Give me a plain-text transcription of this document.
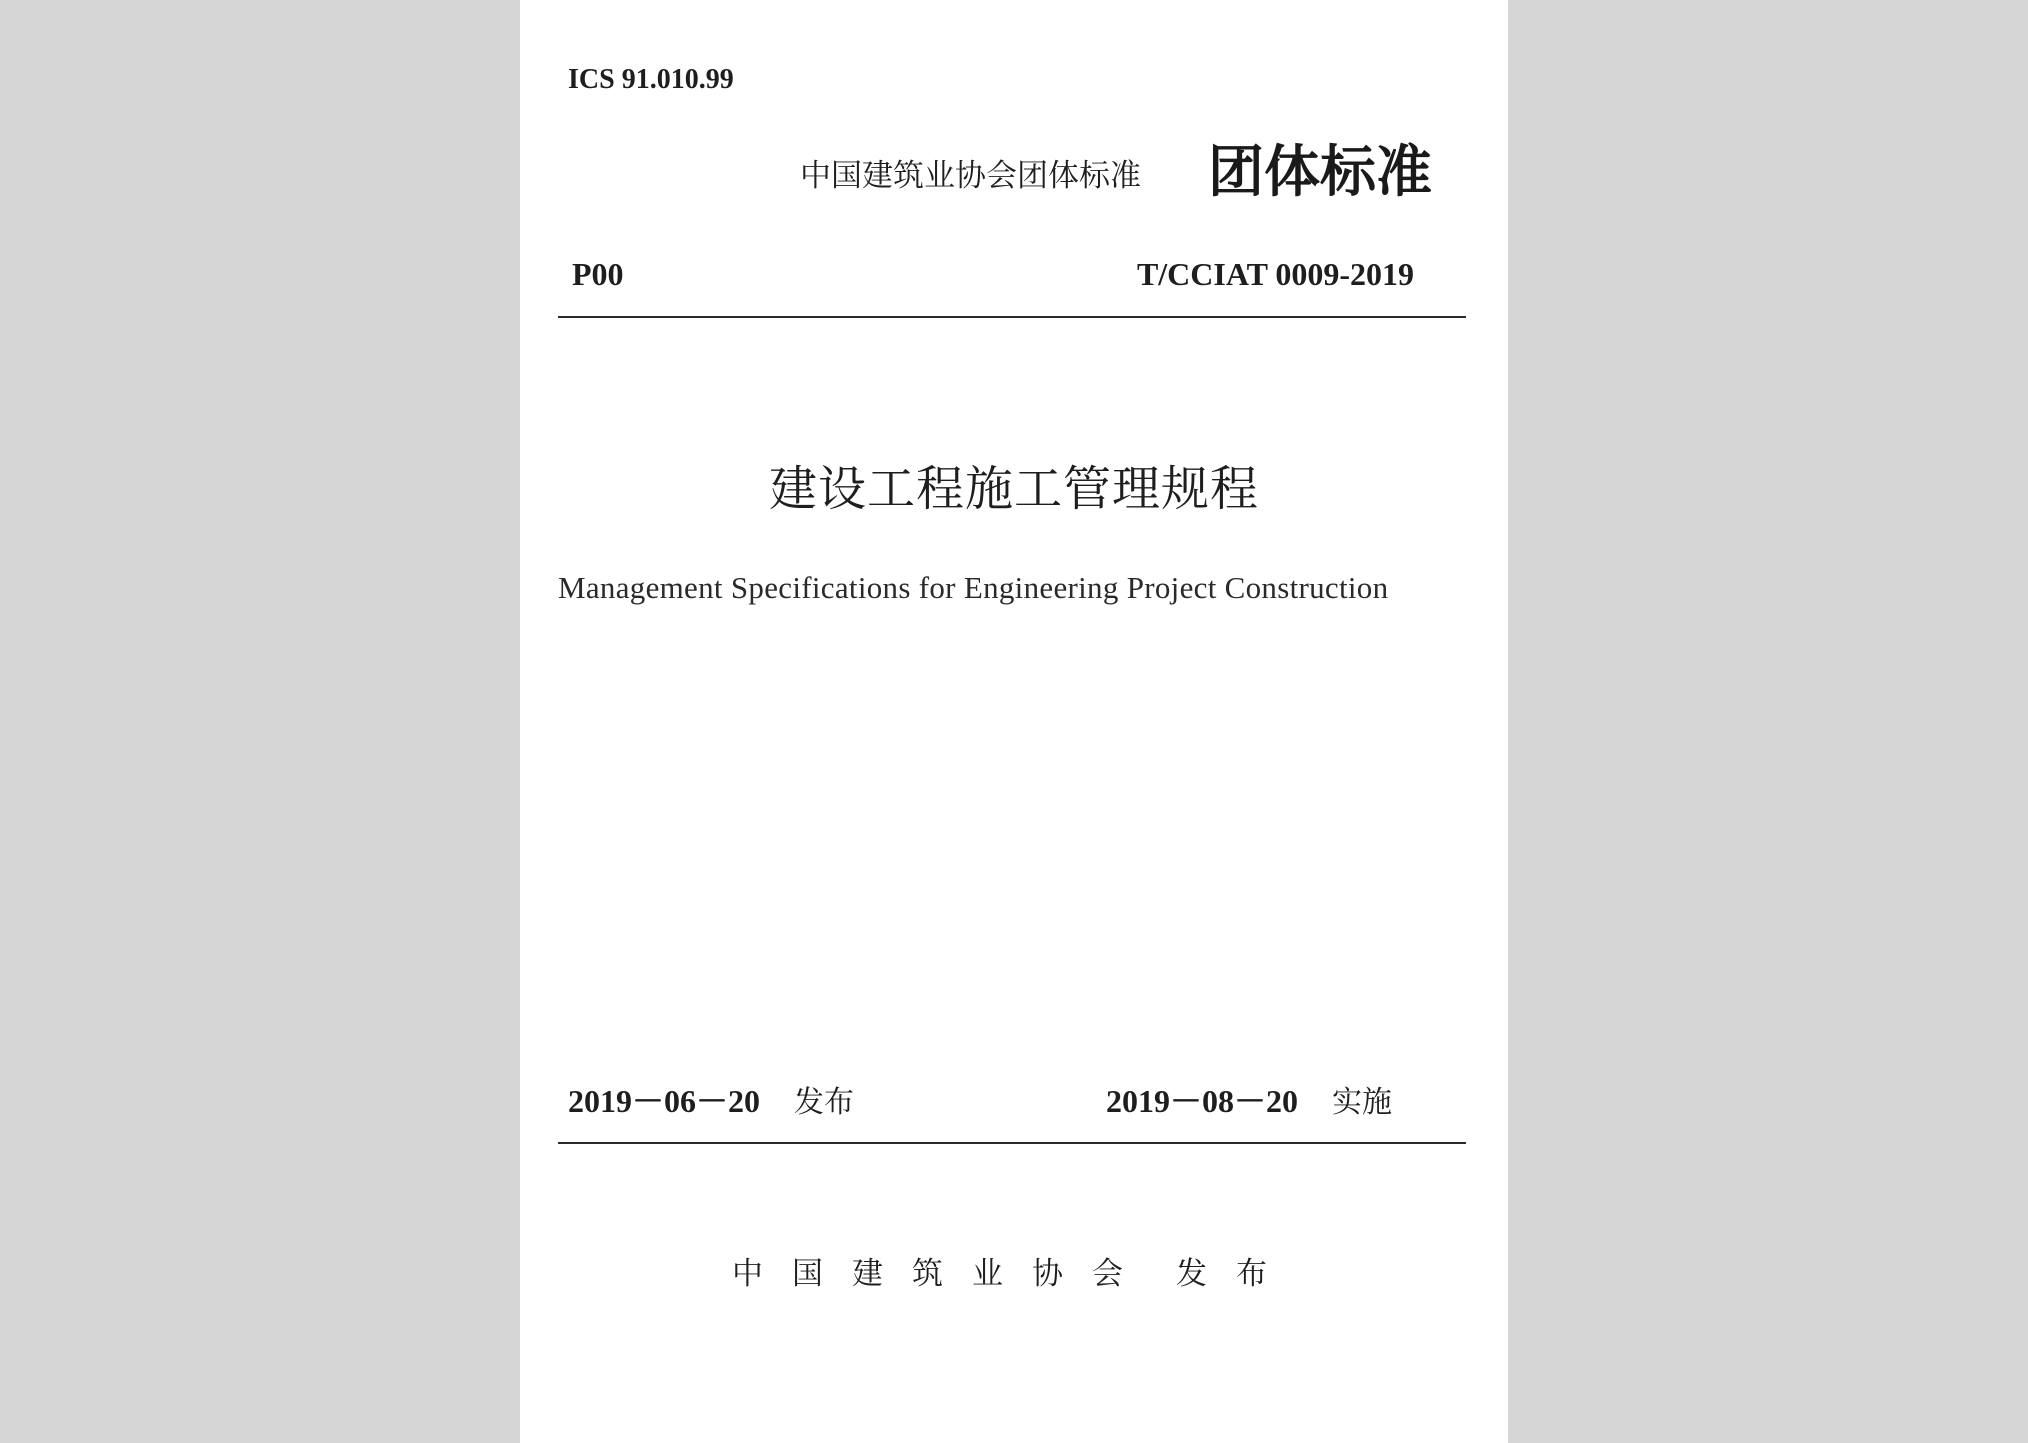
ICS 91.010.99
中国建筑业协会团体标准 团体标准
P00	T/CCIAT 0009-2019
建设工程施工管理规程
Management Specifications for Engineering Project Construction
2019－06－20 发布	2019－08－20 实施
中国建筑业协会 发布
